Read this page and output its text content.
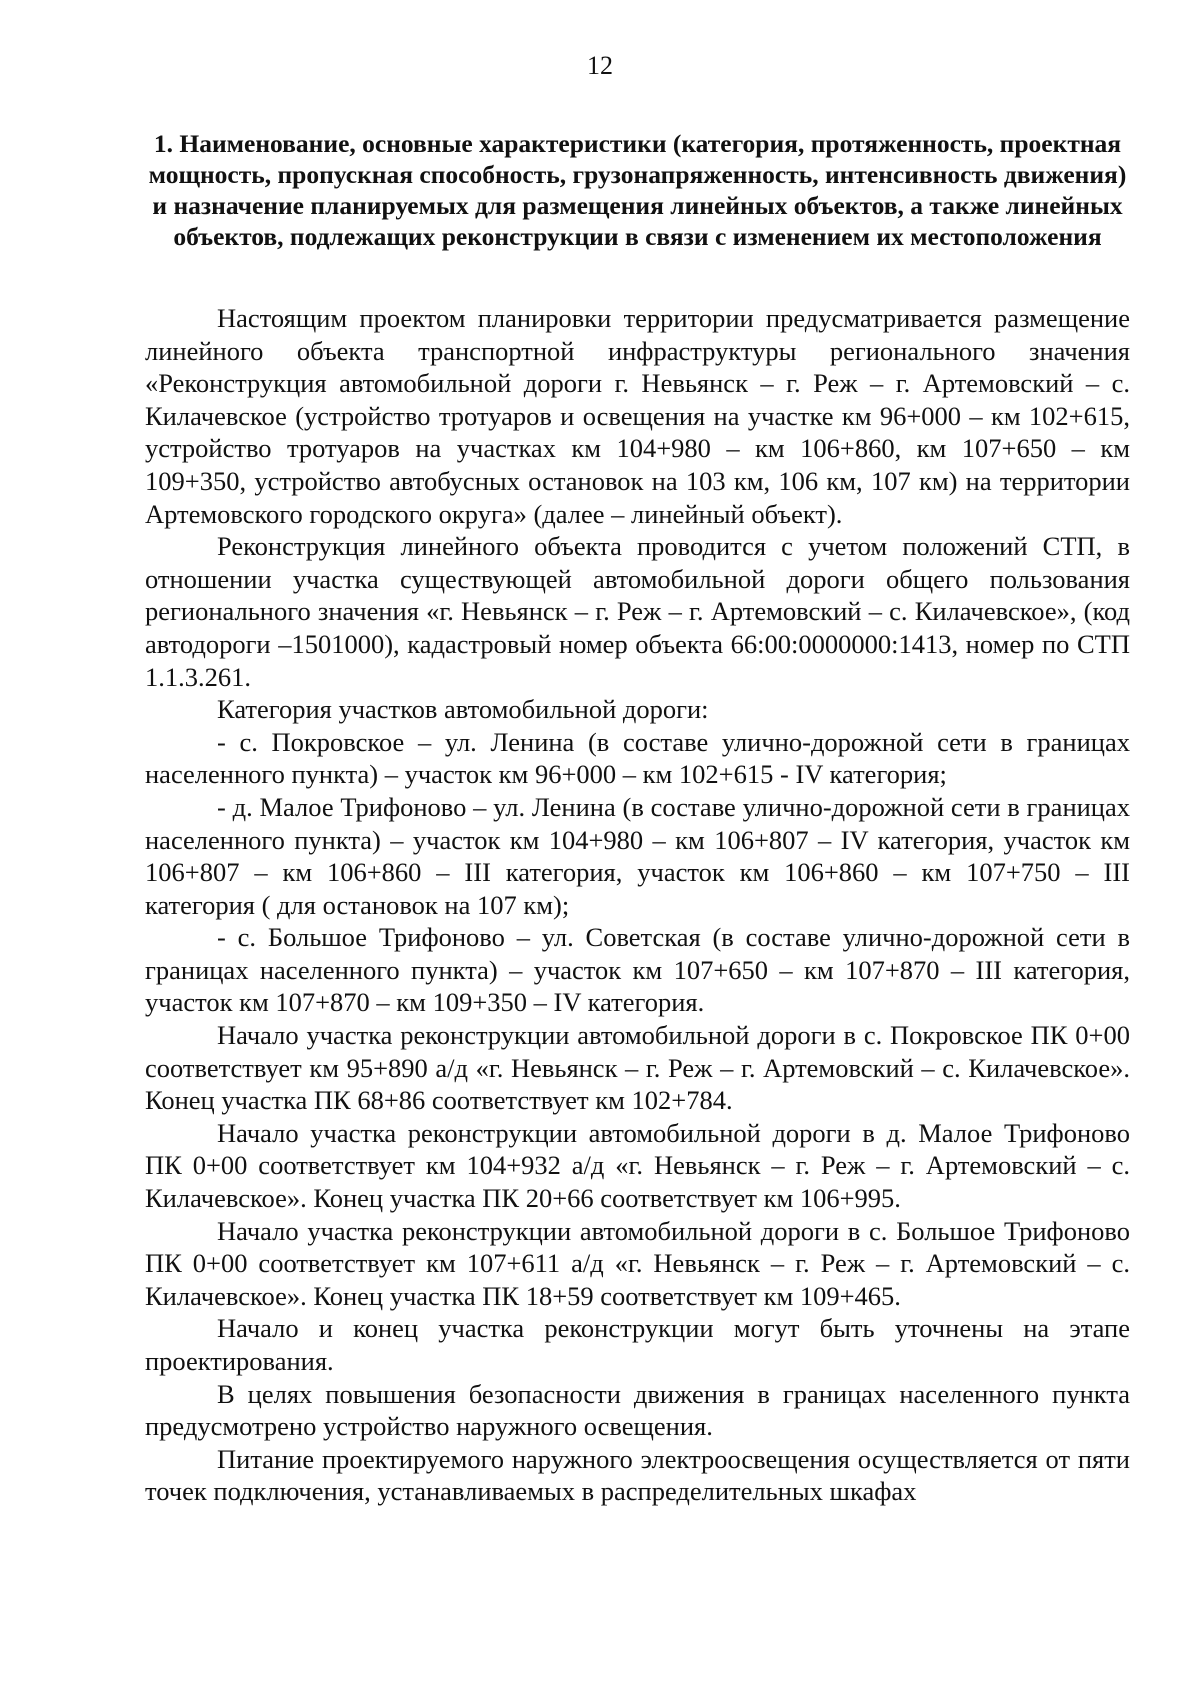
12
1. Наименование, основные характеристики (категория, протяженность, проектная мощность, пропускная способность, грузонапряженность, интенсивность движения) и назначение планируемых для размещения линейных объектов, а также линейных объектов, подлежащих реконструкции в связи с изменением их местоположения

Настоящим проектом планировки территории предусматривается размещение линейного объекта транспортной инфраструктуры регионального значения «Реконструкция автомобильной дороги г. Невьянск – г. Реж – г. Артемовский – с. Килачевское (устройство тротуаров и освещения на участке км 96+000 – км 102+615, устройство тротуаров на участках км 104+980 – км 106+860, км 107+650 – км 109+350, устройство автобусных остановок на 103 км, 106 км, 107 км) на территории Артемовского городского округа» (далее – линейный объект).

Реконструкция линейного объекта проводится с учетом положений СТП, в отношении участка существующей автомобильной дороги общего пользования регионального значения «г. Невьянск – г. Реж – г. Артемовский – с. Килачевское», (код автодороги –1501000), кадастровый номер объекта 66:00:0000000:1413, номер по СТП 1.1.3.261.

Категория участков автомобильной дороги:

- с. Покровское – ул. Ленина (в составе улично-дорожной сети в границах населенного пункта) – участок км 96+000 – км 102+615 - IV категория;

- д. Малое Трифоново – ул. Ленина (в составе улично-дорожной сети в границах населенного пункта) – участок км 104+980 – км 106+807 – IV категория, участок км 106+807 – км 106+860 – III категория, участок км 106+860 – км 107+750 – III категория ( для остановок на 107 км);

- с. Большое Трифоново – ул. Советская (в составе улично-дорожной сети в границах населенного пункта) – участок км 107+650 – км 107+870 – III категория, участок км 107+870 – км 109+350 – IV категория.

Начало участка реконструкции автомобильной дороги в с. Покровское ПК 0+00 соответствует км 95+890 а/д «г. Невьянск – г. Реж – г. Артемовский – с. Килачевское». Конец участка ПК 68+86 соответствует км 102+784.

Начало участка реконструкции автомобильной дороги в д. Малое Трифоново ПК 0+00 соответствует км 104+932 а/д «г. Невьянск – г. Реж – г. Артемовский – с. Килачевское». Конец участка ПК 20+66 соответствует км 106+995.

Начало участка реконструкции автомобильной дороги в с. Большое Трифоново ПК 0+00 соответствует км 107+611 а/д «г. Невьянск – г. Реж – г. Артемовский – с. Килачевское». Конец участка ПК 18+59 соответствует км 109+465.

Начало и конец участка реконструкции могут быть уточнены на этапе проектирования.

В целях повышения безопасности движения в границах населенного пункта предусмотрено устройство наружного освещения.

Питание проектируемого наружного электроосвещения осуществляется от пяти точек подключения, устанавливаемых в распределительных шкафах
